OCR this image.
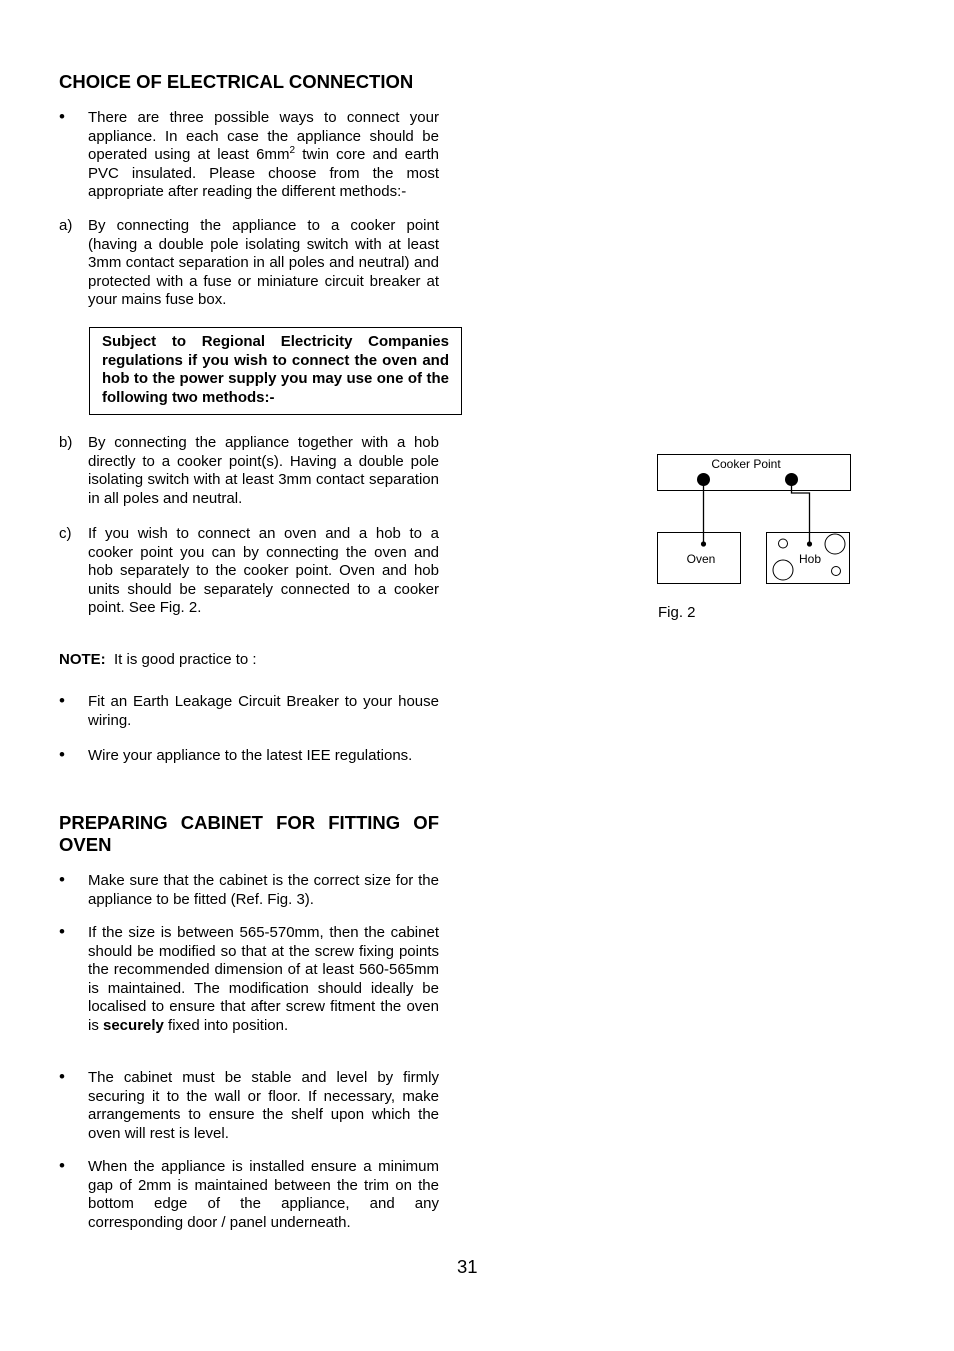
CHOICE OF ELECTRICAL CONNECTION
• There are three possible ways to connect your appliance. In each case the appliance should be operated using at least $6mm^2$ twin core and earth PVC insulated. Please choose from the most appropriate after reading the different methods:-
a) By connecting the appliance to a cooker point (having a double pole isolating switch with at least 3mm contact separation in all poles and neutral) and protected with a fuse or miniature circuit breaker at your mains fuse box.
Subject to Regional Electricity Companies regulations if you wish to connect the oven and hob to the power supply you may use one of the following two methods:-
b) By connecting the appliance together with a hob directly to a cooker point(s). Having a double pole isolating switch with at least 3mm contact separation in all poles and neutral.
c) If you wish to connect an oven and a hob to a cooker point you can by connecting the oven and hob separately to the cooker point. Oven and hob units should be separately connected to a cooker point. See Fig. 2.
NOTE:  It is good practice to :
• Fit an Earth Leakage Circuit Breaker to your house wiring.
• Wire your appliance to the latest IEE regulations.
PREPARING CABINET FOR FITTING OF OVEN
• Make sure that the cabinet is the correct size for the appliance to be fitted (Ref. Fig. 3).
• If the size is between 565-570mm, then the cabinet should be modified so that at the screw fixing points the recommended dimension of at least 560-565mm is maintained. The modification should ideally be localised to ensure that after screw fitment the oven is securely fixed into position.
• The cabinet must be stable and level by firmly securing it to the wall or floor. If necessary, make arrangements to ensure the shelf upon which the oven will rest is level.
• When the appliance is installed ensure a minimum gap of 2mm is maintained between the trim on the bottom edge of the appliance, and any corresponding door / panel underneath.
Cooker Point
Oven	Hob
Fig. 2
31
